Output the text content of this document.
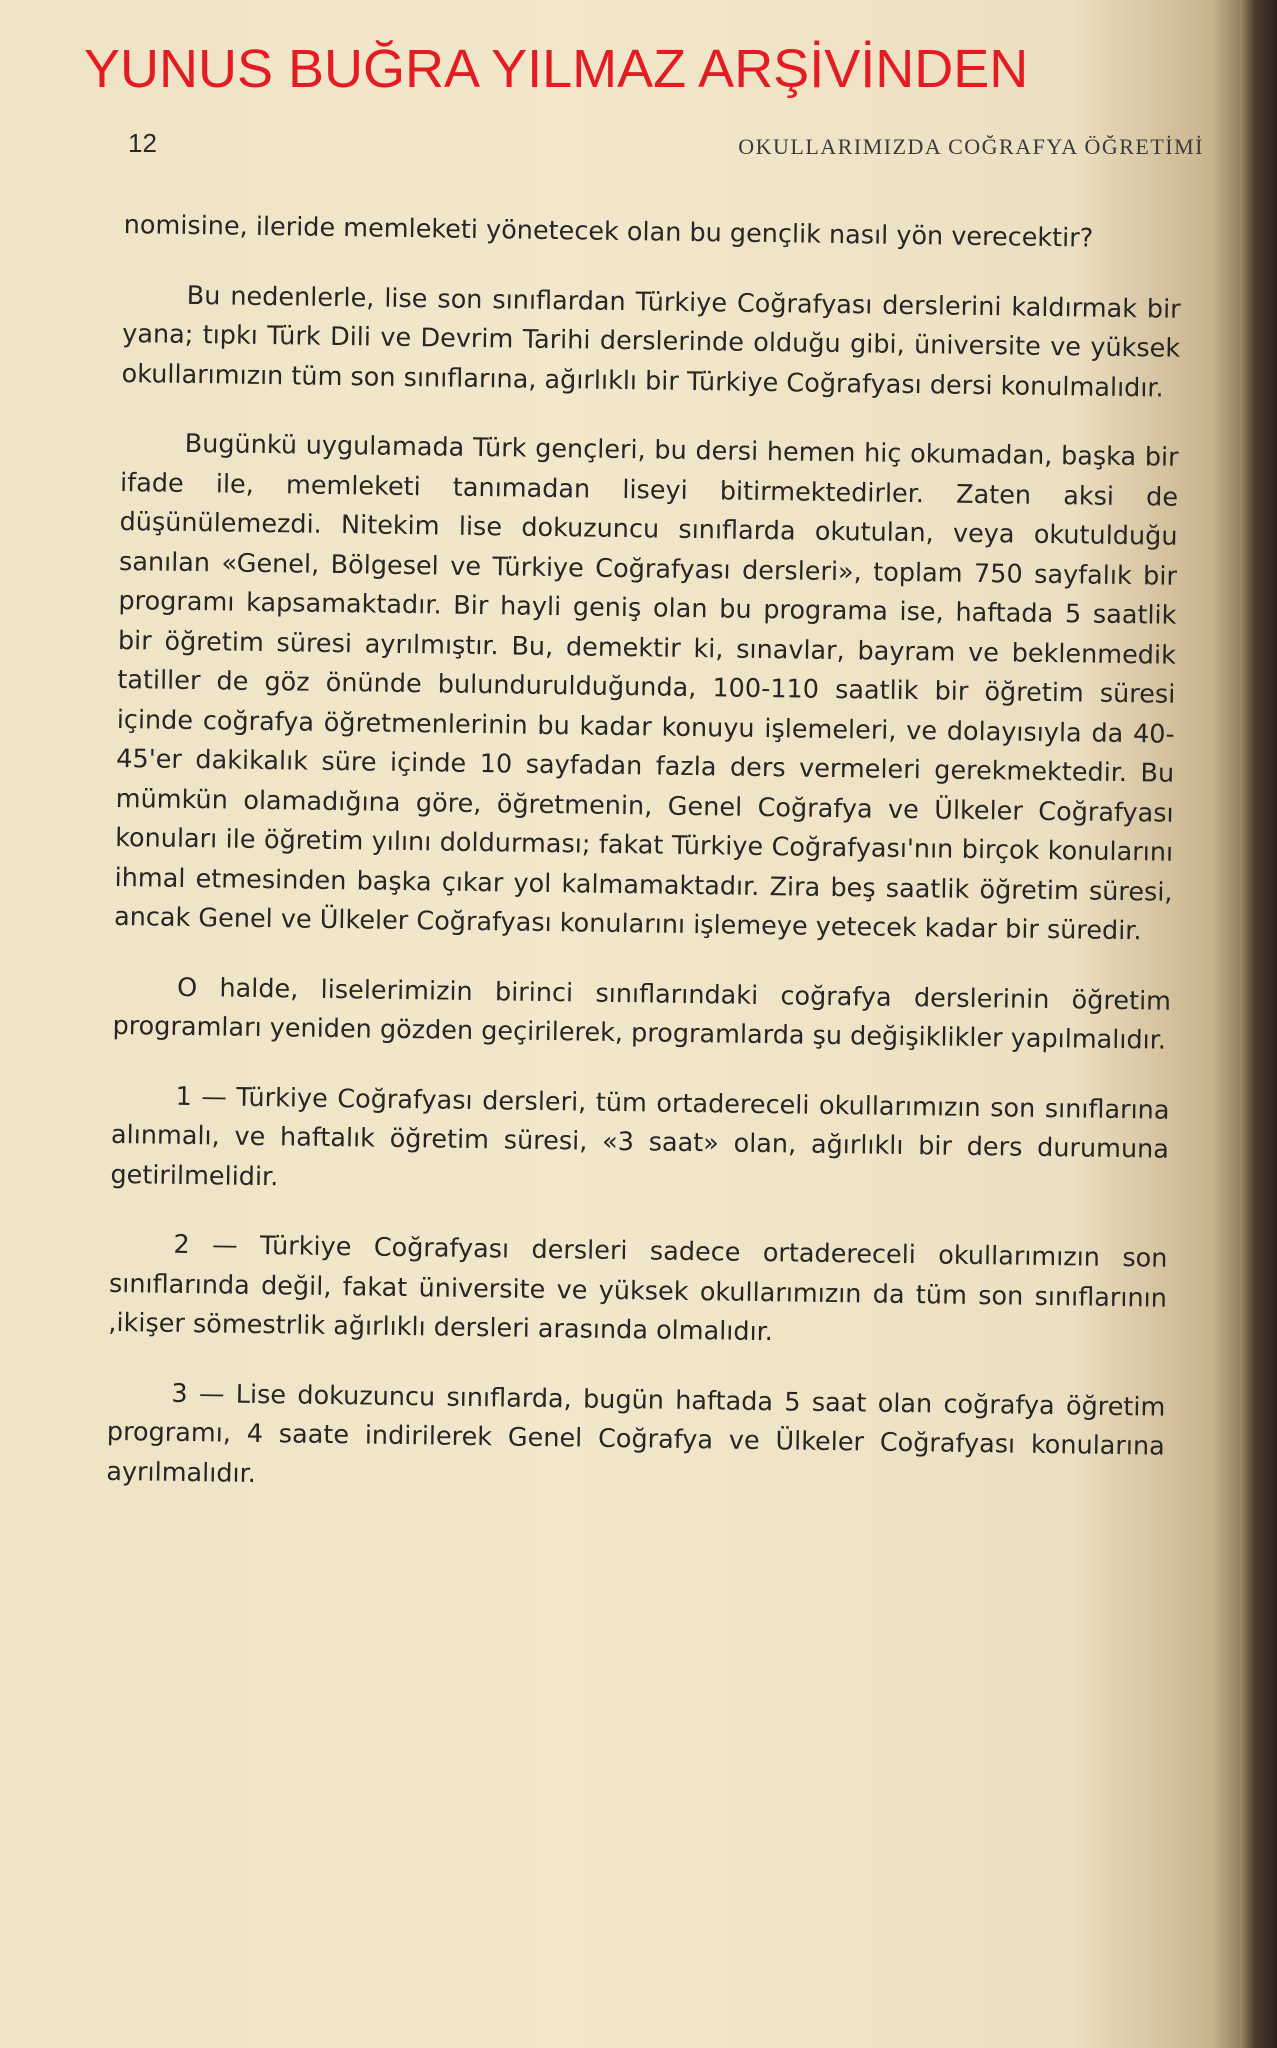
YUNUS BUĞRA YILMAZ ARŞİVİNDEN
12	OKULLARIMIZDA COĞRAFYA ÖĞRETİMİ

nomisine, ileride memleketi yönetecek olan bu gençlik nasıl yön verecektir?

Bu nedenlerle, lise son sınıflardan Türkiye Coğrafyası derslerini kaldırmak bir yana; tıpkı Türk Dili ve Devrim Tarihi derslerinde olduğu gibi, üniversite ve yüksek okullarımızın tüm son sınıflarına, ağırlıklı bir Türkiye Coğrafyası dersi konulmalıdır.

Bugünkü uygulamada Türk gençleri, bu dersi hemen hiç okumadan, başka bir ifade ile, memleketi tanımadan liseyi bitirmektedirler. Zaten aksi de düşünülemezdi. Nitekim lise dokuzuncu sınıflarda okutulan, veya okutulduğu sanılan «Genel, Bölgesel ve Türkiye Coğrafyası dersleri», toplam 750 sayfalık bir programı kapsamaktadır. Bir hayli geniş olan bu programa ise, haftada 5 saatlik bir öğretim süresi ayrılmıştır. Bu, demektir ki, sınavlar, bayram ve beklenmedik tatiller de göz önünde bulundurulduğunda, 100-110 saatlik bir öğretim süresi içinde coğrafya öğretmenlerinin bu kadar konuyu işlemeleri, ve dolayısıyla da 40-45'er dakikalık süre içinde 10 sayfadan fazla ders vermeleri gerekmektedir. Bu mümkün olamadığına göre, öğretmenin, Genel Coğrafya ve Ülkeler Coğrafyası konuları ile öğretim yılını doldurması; fakat Türkiye Coğrafyası'nın birçok konularını ihmal etmesinden başka çıkar yol kalmamaktadır. Zira beş saatlik öğretim süresi, ancak Genel ve Ülkeler Coğrafyası konularını işlemeye yetecek kadar bir süredir.

O halde, liselerimizin birinci sınıflarındaki coğrafya derslerinin öğretim programları yeniden gözden geçirilerek, programlarda şu değişiklikler yapılmalıdır.

1 — Türkiye Coğrafyası dersleri, tüm ortadereceli okullarımızın son sınıflarına alınmalı, ve haftalık öğretim süresi, «3 saat» olan, ağırlıklı bir ders durumuna getirilmelidir.

2 — Türkiye Coğrafyası dersleri sadece ortadereceli okullarımızın son sınıflarında değil, fakat üniversite ve yüksek okullarımızın da tüm son sınıflarının ,ikişer sömestrlik ağırlıklı dersleri arasında olmalıdır.

3 — Lise dokuzuncu sınıflarda, bugün haftada 5 saat olan coğrafya öğretim programı, 4 saate indirilerek Genel Coğrafya ve Ülkeler Coğrafyası konularına ayrılmalıdır.
